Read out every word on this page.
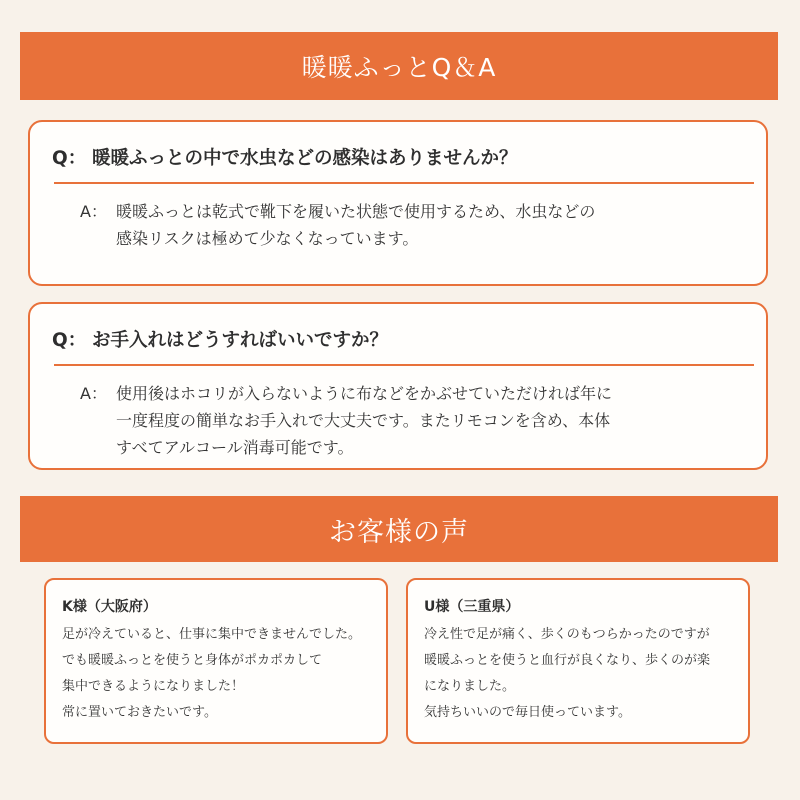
暖暖ふっとQ＆A
Q： 暖暖ふっとの中で水虫などの感染はありませんか？
A： 暖暖ふっとは乾式で靴下を履いた状態で使用するため、水虫などの
感染リスクは極めて少なくなっています。
Q： お手入れはどうすればいいですか？
A： 使用後はホコリが入らないように布などをかぶせていただければ年に
一度程度の簡単なお手入れで大丈夫です。またリモコンを含め、本体
すべてアルコール消毒可能です。
お客様の声
K様（大阪府）
足が冷えていると、仕事に集中できませんでした。
でも暖暖ふっとを使うと身体がポカポカして
集中できるようになりました！
常に置いておきたいです。
U様（三重県）
冷え性で足が痛く、歩くのもつらかったのですが
暖暖ふっとを使うと血行が良くなり、歩くのが楽
になりました。
気持ちいいので毎日使っています。
